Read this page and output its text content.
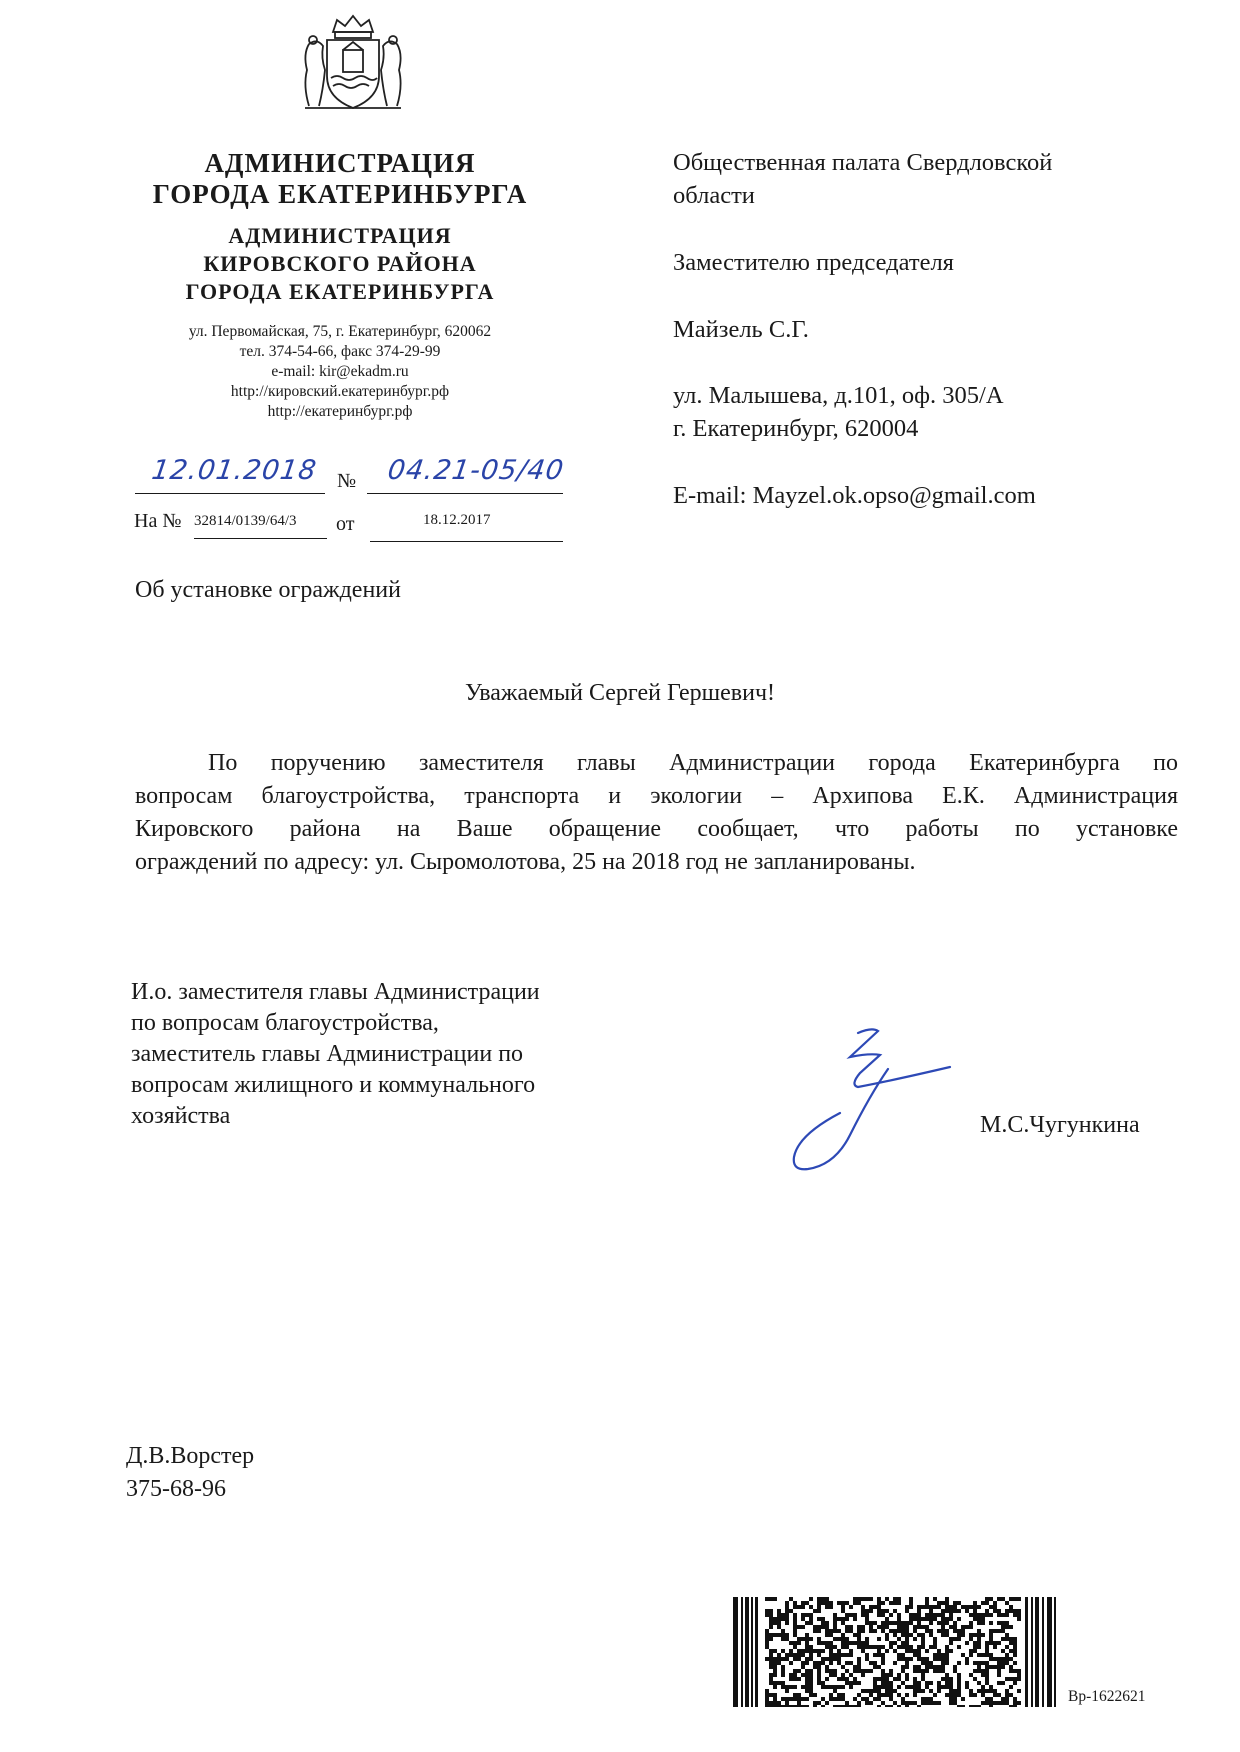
АДМИНИСТРАЦИЯ
ГОРОДА ЕКАТЕРИНБУРГА
АДМИНИСТРАЦИЯ
КИРОВСКОГО РАЙОНА
ГОРОДА ЕКАТЕРИНБУРГА
ул. Первомайская, 75, г. Екатеринбург, 620062
тел. 374-54-66, факс 374-29-99
e-mail: kir@ekadm.ru
http://кировский.екатеринбург.рф
http://екатеринбург.рф
12.01.2018 № 04.21-05/40
На № 32814/0139/64/3 от	18.12.2017
Общественная палата Свердловской
области
Заместителю председателя
Майзель С.Г.
ул. Малышева, д.101, оф. 305/А
г. Екатеринбург, 620004
E-mail: Mayzel.ok.opso@gmail.com
Об установке ограждений
Уважаемый Сергей Гершевич!
По поручению заместителя главы Администрации города Екатеринбурга по
вопросам благоустройства, транспорта и экологии – Архипова Е.К. Администрация
Кировского района на Ваше обращение сообщает, что работы по установке
ограждений по адресу: ул. Сыромолотова, 25 на 2018 год не запланированы.
И.о. заместителя главы Администрации
по вопросам благоустройства,
заместитель главы Администрации по
вопросам жилищного и коммунального
хозяйства	М.С.Чугункина
Д.В.Ворстер
375-68-96
Вр-1622621
